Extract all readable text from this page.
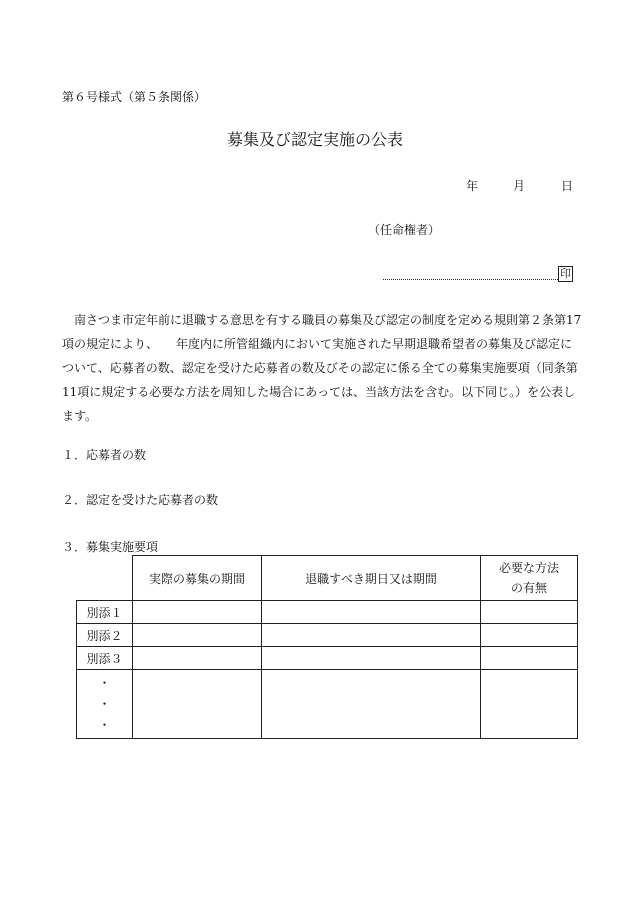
第６号様式（第５条関係）
募集及び認定実施の公表
年	月	日
（任命権者）
印
南さつま市定年前に退職する意思を有する職員の募集及び認定の制度を定める規則第２条第17
項の規定により、　　年度内に所管組織内において実施された早期退職希望者の募集及び認定に
ついて、応募者の数、認定を受けた応募者の数及びその認定に係る全ての募集実施要項（同条第
11項に規定する必要な方法を周知した場合にあっては、当該方法を含む。以下同じ。）を公表し
ます。
１．応募者の数
２．認定を受けた応募者の数
３．募集実施要項
	実際の募集の期間	退職すべき期日又は期間	必要な方法
の有無

別添１			
別添２			
別添３			

・
・
・			
